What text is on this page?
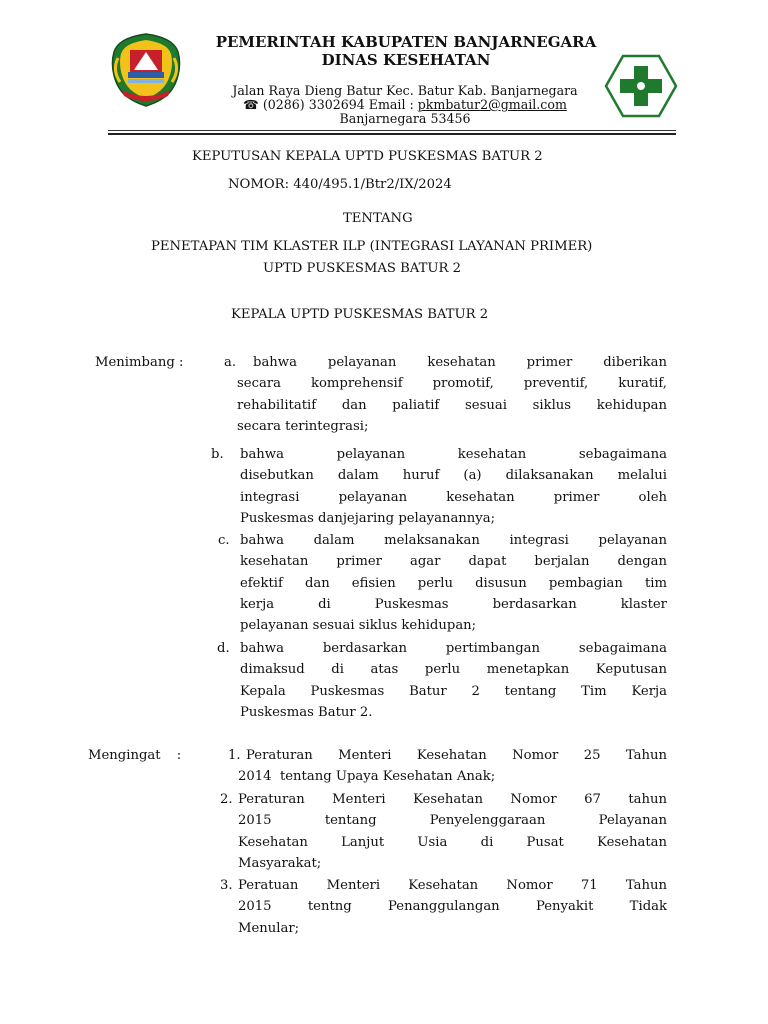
PEMERINTAH KABUPATEN BANJARNEGARA
DINAS KESEHATAN
Jalan Raya Dieng Batur Kec. Batur Kab. Banjarnegara
☎ (0286) 3302694 Email : pkmbatur2@gmail.com
Banjarnegara 53456
KEPUTUSAN KEPALA UPTD PUSKESMAS BATUR 2
NOMOR: 440/495.1/Btr2/IX/2024
TENTANG
PENETAPAN TIM KLASTER ILP (INTEGRASI LAYANAN PRIMER)
UPTD PUSKESMAS BATUR 2
KEPALA UPTD PUSKESMAS BATUR 2
Menimbang :	a.	bahwa pelayanan kesehatan primer diberikan
secara komprehensif promotif, preventif, kuratif,
rehabilitatif dan paliatif sesuai siklus kehidupan
secara terintegrasi;
b. bahwa pelayanan kesehatan sebagaimana
disebutkan dalam huruf (a) dilaksanakan melalui
integrasi pelayanan kesehatan primer oleh
Puskesmas danjejaring pelayanannya;
c. bahwa dalam melaksanakan integrasi pelayanan
kesehatan primer agar dapat berjalan dengan
efektif dan efisien perlu disusun pembagian tim
kerja di Puskesmas berdasarkan klaster
pelayanan sesuai siklus kehidupan;
d. bahwa berdasarkan pertimbangan sebagaimana
dimaksud di atas perlu menetapkan Keputusan
Kepala Puskesmas Batur 2 tentang Tim Kerja
Puskesmas Batur 2.
Mengingat :	1. Peraturan Menteri Kesehatan Nomor 25 Tahun
2014  tentang Upaya Kesehatan Anak;
2. Peraturan Menteri Kesehatan Nomor 67 tahun
2015 tentang Penyelenggaraan Pelayanan
Kesehatan Lanjut Usia di Pusat Kesehatan
Masyarakat;
3. Peratuan Menteri Kesehatan Nomor 71 Tahun
2015 tentng Penanggulangan Penyakit Tidak
Menular;
